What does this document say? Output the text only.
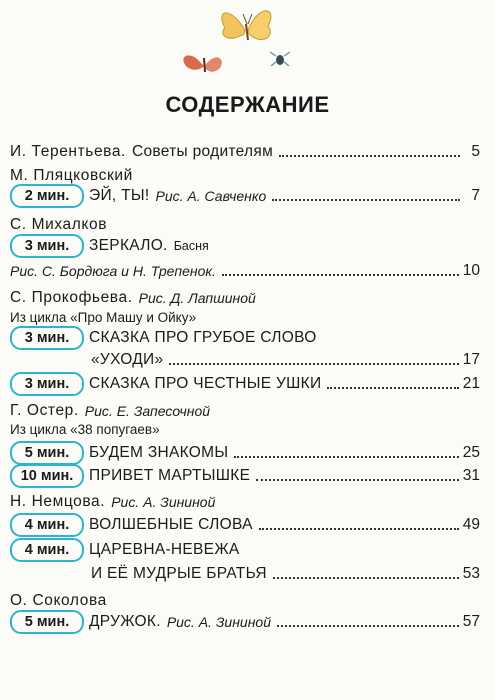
СОДЕРЖАНИЕ
И. Терентьева. Советы родителям	5
М. Пляцковский
2 мин.	ЭЙ, ТЫ! Рис. А. Савченко	7
С. Михалков
3 мин.	ЗЕРКАЛО. Басня
Рис. С. Бордюга и Н. Трепенок.	10
С. Прокофьева. Рис. Д. Лапшиной
Из цикла «Про Машу и Ойку»
3 мин.	СКАЗКА ПРО ГРУБОЕ СЛОВО
«УХОДИ»	17
3 мин.	СКАЗКА ПРО ЧЕСТНЫЕ УШКИ	21
Г. Остер. Рис. Е. Запесочной
Из цикла «38 попугаев»
5 мин.	БУДЕМ ЗНАКОМЫ	25
10 мин.	ПРИВЕТ МАРТЫШКЕ	31
Н. Немцова. Рис. А. Зининой
4 мин.	ВОЛШЕБНЫЕ СЛОВА	49
4 мин.	ЦАРЕВНА-НЕВЕЖА
И ЕЁ МУДРЫЕ БРАТЬЯ	53
О. Соколова
5 мин.	ДРУЖОК. Рис. А. Зининой	57
